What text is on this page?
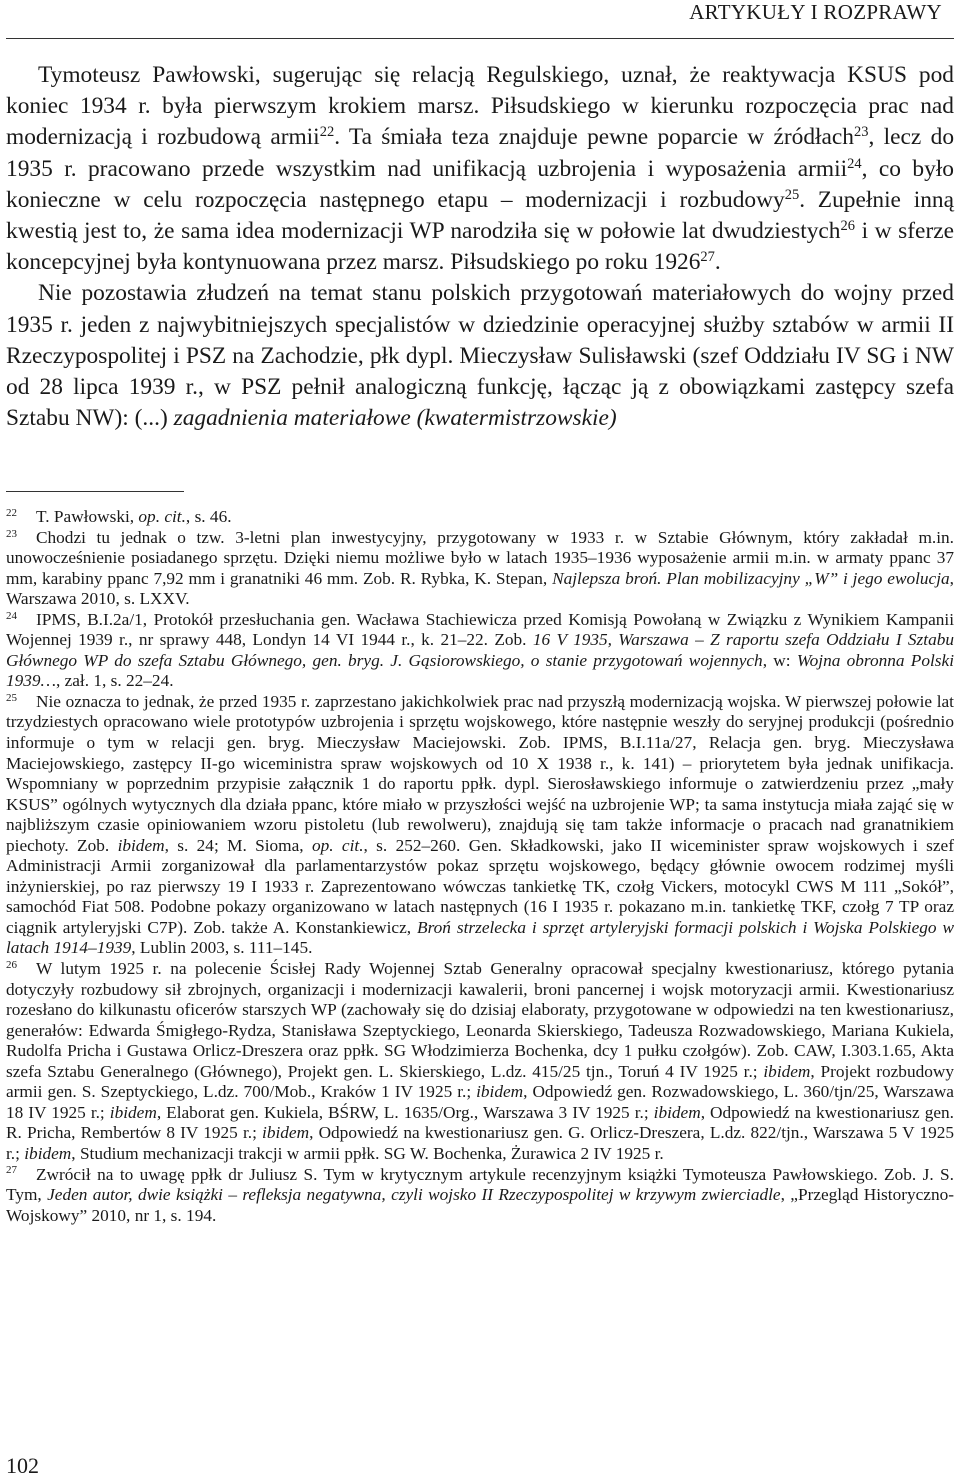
ARTYKUŁY I ROZPRAWY

Tymoteusz Pawłowski, sugerując się relacją Regulskiego, uznał, że reaktywacja KSUS pod koniec 1934 r. była pierwszym krokiem marsz. Piłsudskiego w kierunku rozpoczęcia prac nad modernizacją i rozbudową armii$^{22}$. Ta śmiała teza znajduje pewne poparcie w źródłach$^{23}$, lecz do 1935 r. pracowano przede wszystkim nad unifikacją uzbrojenia i wyposażenia armii$^{24}$, co było konieczne w celu rozpoczęcia następnego etapu – modernizacji i rozbudowy$^{25}$. Zupełnie inną kwestią jest to, że sama idea modernizacji WP narodziła się w połowie lat dwudziestych$^{26}$ i w sferze koncepcyjnej była kontynuowana przez marsz. Piłsudskiego po roku 1926$^{27}$.

Nie pozostawia złudzeń na temat stanu polskich przygotowań materiałowych do wojny przed 1935 r. jeden z najwybitniejszych specjalistów w dziedzinie operacyjnej służby sztabów w armii II Rzeczypospolitej i PSZ na Zachodzie, płk dypl. Mieczysław Sulisławski (szef Oddziału IV SG i NW od 28 lipca 1939 r., w PSZ pełnił analogiczną funkcję, łącząc ją z obowiązkami zastępcy szefa Sztabu NW): (...) zagadnienia materiałowe (kwatermistrzowskie)

22 T. Pawłowski, op. cit., s. 46.

23 Chodzi tu jednak o tzw. 3-letni plan inwestycyjny, przygotowany w 1933 r. w Sztabie Głównym, który zakładał m.in. unowocześnienie posiadanego sprzętu. Dzięki niemu możliwe było w latach 1935–1936 wyposażenie armii m.in. w armaty ppanc 37 mm, karabiny ppanc 7,92 mm i granatniki 46 mm. Zob. R. Rybka, K. Stepan, Najlepsza broń. Plan mobilizacyjny „W” i jego ewolucja, Warszawa 2010, s. LXXV.

24 IPMS, B.I.2a/1, Protokół przesłuchania gen. Wacława Stachiewicza przed Komisją Powołaną w Związku z Wynikiem Kampanii Wojennej 1939 r., nr sprawy 448, Londyn 14 VI 1944 r., k. 21–22. Zob. 16 V 1935, Warszawa – Z raportu szefa Oddziału I Sztabu Głównego WP do szefa Sztabu Głównego, gen. bryg. J. Gąsiorowskiego, o stanie przygotowań wojennych, w: Wojna obronna Polski 1939…, zał. 1, s. 22–24.

25 Nie oznacza to jednak, że przed 1935 r. zaprzestano jakichkolwiek prac nad przyszłą modernizacją wojska. W pierwszej połowie lat trzydziestych opracowano wiele prototypów uzbrojenia i sprzętu wojskowego, które następnie weszły do seryjnej produkcji (pośrednio informuje o tym w relacji gen. bryg. Mieczysław Maciejowski. Zob. IPMS, B.I.11a/27, Relacja gen. bryg. Mieczysława Maciejowskiego, zastępcy II-go wiceministra spraw wojskowych od 10 X 1938 r., k. 141) – priorytetem była jednak unifikacja. Wspomniany w poprzednim przypisie załącznik 1 do raportu ppłk. dypl. Sierosławskiego informuje o zatwierdzeniu przez „mały KSUS” ogólnych wytycznych dla działa ppanc, które miało w przyszłości wejść na uzbrojenie WP; ta sama instytucja miała zająć się w najbliższym czasie opiniowaniem wzoru pistoletu (lub rewolweru), znajdują się tam także informacje o pracach nad granatnikiem piechoty. Zob. ibidem, s. 24; M. Sioma, op. cit., s. 252–260. Gen. Składkowski, jako II wiceminister spraw wojskowych i szef Administracji Armii zorganizował dla parlamentarzystów pokaz sprzętu wojskowego, będący głównie owocem rodzimej myśli inżynierskiej, po raz pierwszy 19 I 1933 r. Zaprezentowano wówczas tankietkę TK, czołg Vickers, motocykl CWS M 111 „Sokół”, samochód Fiat 508. Podobne pokazy organizowano w latach następnych (16 I 1935 r. pokazano m.in. tankietkę TKF, czołg 7 TP oraz ciągnik artyleryjski C7P). Zob. także A. Konstankiewicz, Broń strzelecka i sprzęt artyleryjski formacji polskich i Wojska Polskiego w latach 1914–1939, Lublin 2003, s. 111–145.

26 W lutym 1925 r. na polecenie Ścisłej Rady Wojennej Sztab Generalny opracował specjalny kwestionariusz, którego pytania dotyczyły rozbudowy sił zbrojnych, organizacji i modernizacji kawalerii, broni pancernej i wojsk motoryzacji armii. Kwestionariusz rozesłano do kilkunastu oficerów starszych WP (zachowały się do dzisiaj elaboraty, przygotowane w odpowiedzi na ten kwestionariusz, generałów: Edwarda Śmigłego-Rydza, Stanisława Szeptyckiego, Leonarda Skierskiego, Tadeusza Rozwadowskiego, Mariana Kukiela, Rudolfa Pricha i Gustawa Orlicz-Dreszera oraz ppłk. SG Włodzimierza Bochenka, dcy 1 pułku czołgów). Zob. CAW, I.303.1.65, Akta szefa Sztabu Generalnego (Głównego), Projekt gen. L. Skierskiego, L.dz. 415/25 tjn., Toruń 4 IV 1925 r.; ibidem, Projekt rozbudowy armii gen. S. Szeptyckiego, L.dz. 700/Mob., Kraków 1 IV 1925 r.; ibidem, Odpowiedź gen. Rozwadowskiego, L. 360/tjn/25, Warszawa 18 IV 1925 r.; ibidem, Elaborat gen. Kukiela, BŚRW, L. 1635/Org., Warszawa 3 IV 1925 r.; ibidem, Odpowiedź na kwestionariusz gen. R. Pricha, Rembertów 8 IV 1925 r.; ibidem, Odpowiedź na kwestionariusz gen. G. Orlicz-Dreszera, L.dz. 822/tjn., Warszawa 5 V 1925 r.; ibidem, Studium mechanizacji trakcji w armii ppłk. SG W. Bochenka, Żurawica 2 IV 1925 r.

27 Zwrócił na to uwagę ppłk dr Juliusz S. Tym w krytycznym artykule recenzyjnym książki Tymoteusza Pawłowskiego. Zob. J. S. Tym, Jeden autor, dwie książki – refleksja negatywna, czyli wojsko II Rzeczypospolitej w krzywym zwierciadle, „Przegląd Historyczno-Wojskowy” 2010, nr 1, s. 194.

102
